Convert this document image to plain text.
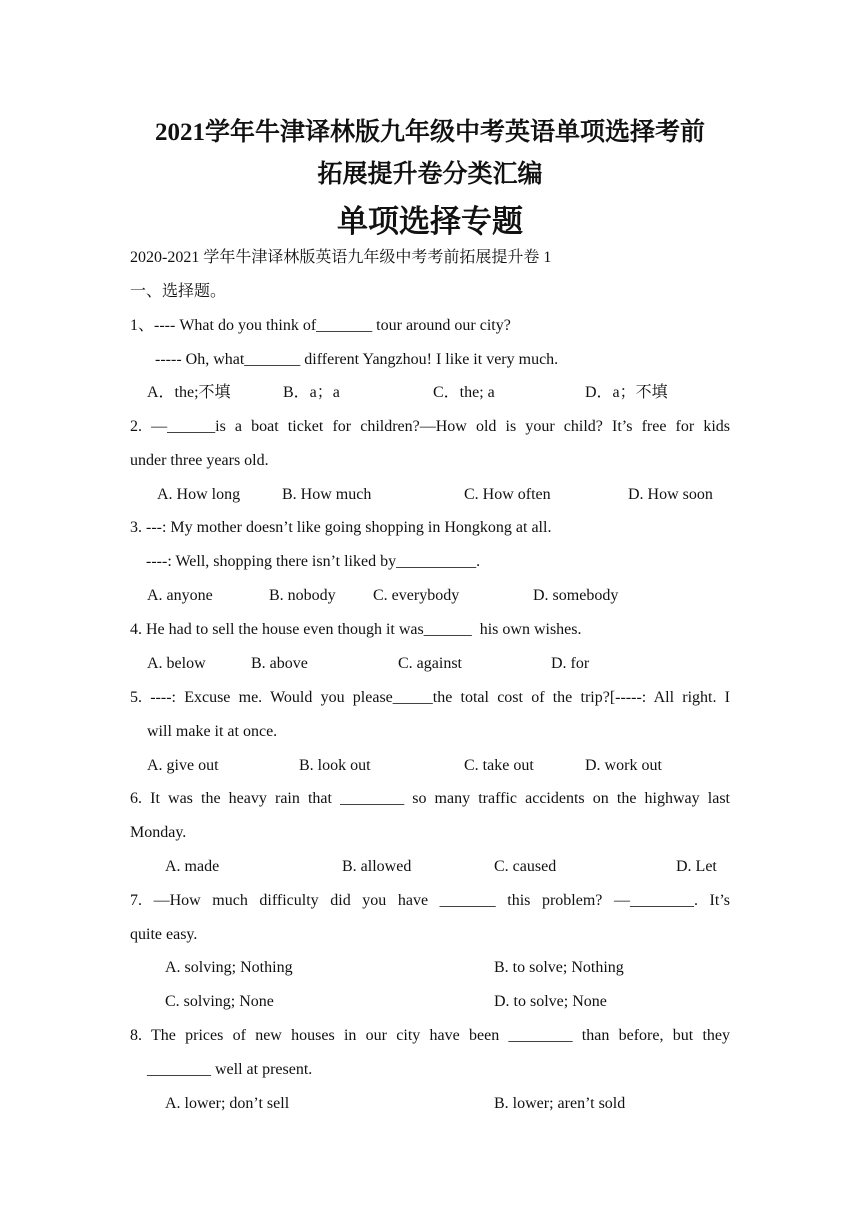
2021学年牛津译林版九年级中考英语单项选择考前
拓展提升卷分类汇编
单项选择专题
2020-2021 学年牛津译林版英语九年级中考考前拓展提升卷 1
一、选择题。
1、---- What do you think of_______ tour around our city?
----- Oh, what_______ different Yangzhou! I like it very much.
A．the;不填	B．a；a	C．the; a	D．a；不填
2. —______is a boat ticket for children?—How old is your child? It’s free for kids
under three years old.
A. How long	B. How much	C. How often	D. How soon
3. ---: My mother doesn’t like going shopping in Hongkong at all.
----: Well, shopping there isn’t liked by__________.
A. anyone	B. nobody C. everybody	D. somebody
4. He had to sell the house even though it was______  his own wishes.
A. below	B. above	C. against	D. for
5. ----: Excuse me. Would you please_____the total cost of the trip?[-----: All right. I
will make it at once.
A. give out	B. look out	C. take out	D. work out
6. It was the heavy rain that ________ so many traffic accidents on the highway last
Monday.
A. made	B. allowed	C. caused	D. Let
7. —How much difficulty did you have _______ this problem? —________. It’s
quite easy.
A. solving; Nothing	B. to solve; Nothing
C. solving; None	D. to solve; None
8. The prices of new houses in our city have been ________ than before, but they
________ well at present.
A. lower; don’t sell	B. lower; aren’t sold
